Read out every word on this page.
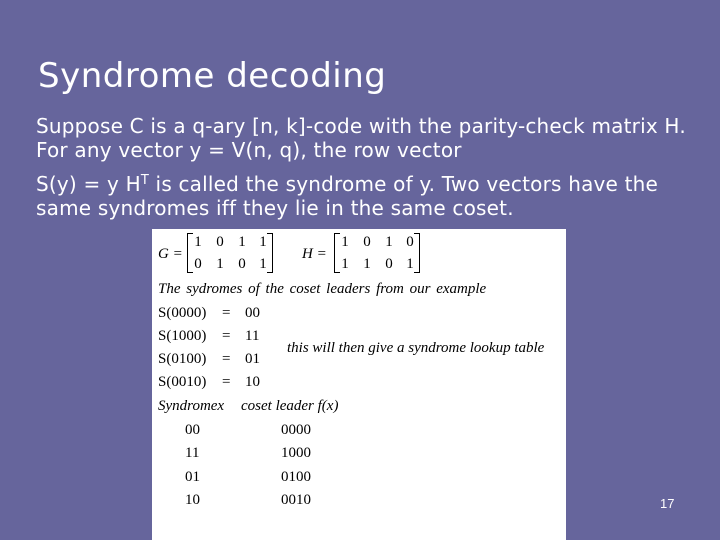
Syndrome decoding
Suppose C is a q-ary [n, k]-code with the parity-check matrix H. For any vector y = V(n, q), the row vector
S(y) = y $H^T$ is called the syndrome of y. Two vectors have the same syndromes iff they lie in the same coset.
G =
1 0 1 1
0 1 0 1
H =
1 0 1 0
1 1 0 1
The sydromes of the coset leaders from our example
S(0000) = 00
S(1000) = 11
S(0100) = 01
S(0010) = 10
this will then give a syndrome lookup table
Syndromex coset leader f(x)
00	0000
11	1000
01	0100
10	0010	17
